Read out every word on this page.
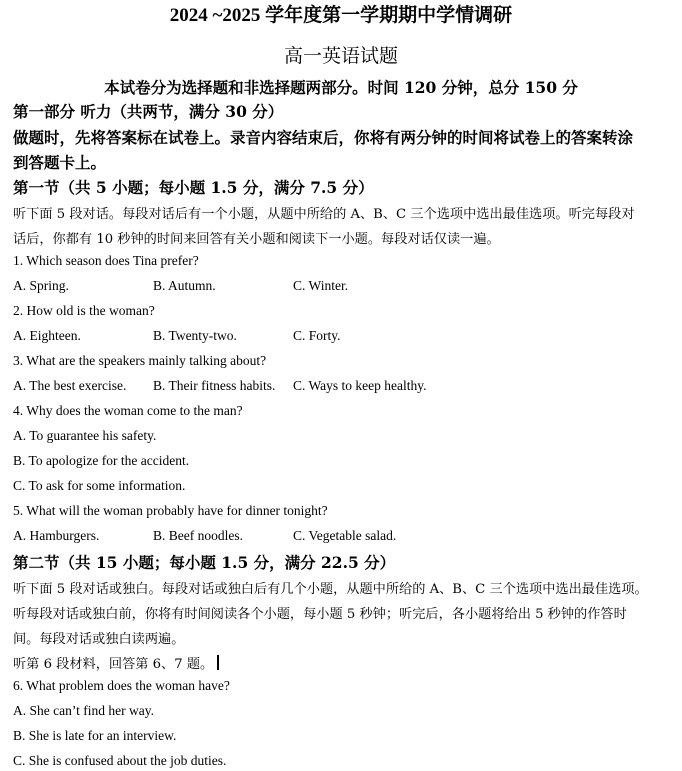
2024 ~2025 学年度第一学期期中学情调研
高一英语试题
本试卷分为选择题和非选择题两部分。时间 120 分钟，总分 150 分
第一部分 听力（共两节，满分 30 分）
做题时，先将答案标在试卷上。录音内容结束后，你将有两分钟的时间将试卷上的答案转涂
到答题卡上。
第一节（共 5 小题；每小题 1.5 分，满分 7.5 分）
听下面 5 段对话。每段对话后有一个小题，从题中所给的 A、B、C 三个选项中选出最佳选项。听完每段对
话后，你都有 10 秒钟的时间来回答有关小题和阅读下一小题。每段对话仅读一遍。
1. Which season does Tina prefer?
A. Spring.	B. Autumn.	C. Winter.
2. How old is the woman?
A. Eighteen.	B. Twenty-two.	C. Forty.
3. What are the speakers mainly talking about?
A. The best exercise. B. Their fitness habits. C. Ways to keep healthy.
4. Why does the woman come to the man?
A. To guarantee his safety.
B. To apologize for the accident.
C. To ask for some information.
5. What will the woman probably have for dinner tonight?
A. Hamburgers.	B. Beef noodles.	C. Vegetable salad.
第二节（共 15 小题；每小题 1.5 分，满分 22.5 分）
听下面 5 段对话或独白。每段对话或独白后有几个小题，从题中所给的 A、B、C 三个选项中选出最佳选项。
听每段对话或独白前，你将有时间阅读各个小题，每小题 5 秒钟；听完后，各小题将给出 5 秒钟的作答时
间。每段对话或独白读两遍。
听第 6 段材料，回答第 6、7 题。
6. What problem does the woman have?
A. She can’t find her way.
B. She is late for an interview.
C. She is confused about the job duties.
